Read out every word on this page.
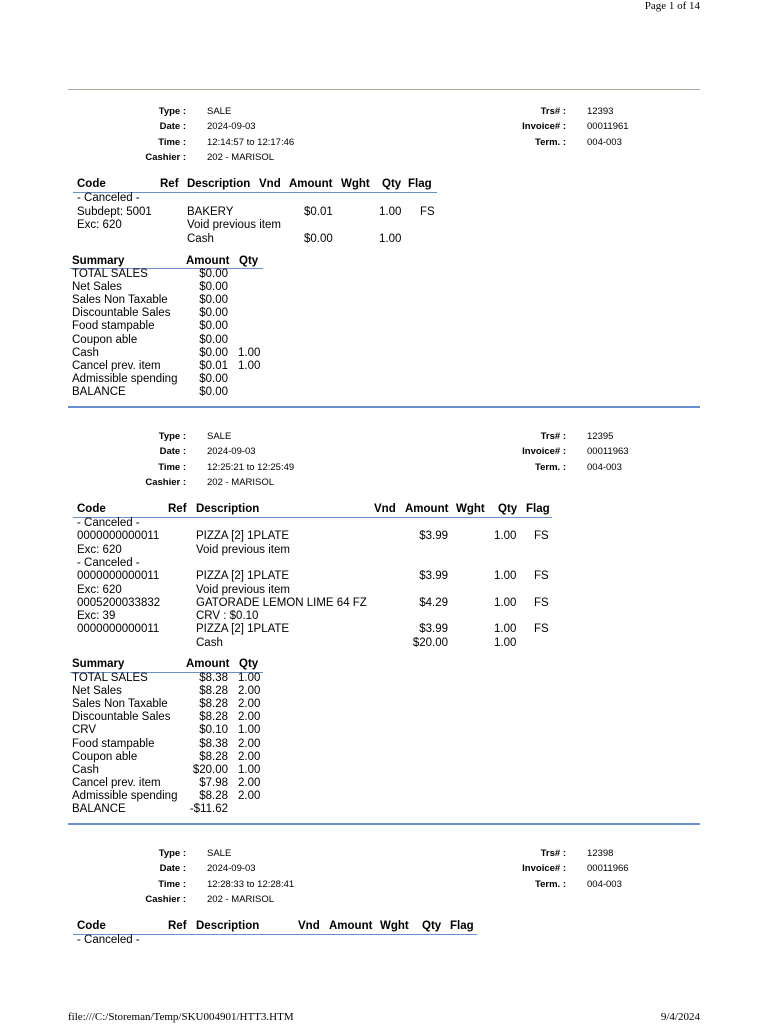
Page 1 of 14
Type : SALE
Date : 2024-09-03
Time : 12:14:57 to 12:17:46
Cashier : 202 - MARISOL
Trs# : 12393
Invoice# : 00011961
Term. : 004-003
Code	Ref Description Vnd Amount Wght Qty Flag
- Canceled -
Subdept: 5001	BAKERY	$0.01	1.00 FS
Exc: 620	Void previous item
Cash	$0.00	1.00
Summary	Amount Qty
TOTAL SALES	$0.00
Net Sales	$0.00
Sales Non Taxable	$0.00
Discountable Sales	$0.00
Food stampable	$0.00
Coupon able	$0.00
Cash	$0.00 1.00
Cancel prev. item	$0.01 1.00
Admissible spending	$0.00
BALANCE	$0.00
Type : SALE
Date : 2024-09-03
Time : 12:25:21 to 12:25:49
Cashier : 202 - MARISOL
Trs# : 12395
Invoice# : 00011963
Term. : 004-003
Code	Ref Description	Vnd Amount Wght Qty Flag
- Canceled -
0000000000011	PIZZA [2] 1PLATE	$3.99	1.00 FS
Exc: 620	Void previous item
- Canceled -
0000000000011	PIZZA [2] 1PLATE	$3.99	1.00 FS
Exc: 620	Void previous item
0005200033832	GATORADE LEMON LIME 64 FZ	$4.29	1.00 FS
Exc: 39	CRV : $0.10
0000000000011	PIZZA [2] 1PLATE	$3.99	1.00 FS
Cash	$20.00	1.00
Summary	Amount Qty
TOTAL SALES	$8.38 1.00
Net Sales	$8.28 2.00
Sales Non Taxable	$8.28 2.00
Discountable Sales	$8.28 2.00
CRV	$0.10 1.00
Food stampable	$8.38 2.00
Coupon able	$8.28 2.00
Cash	$20.00 1.00
Cancel prev. item	$7.98 2.00
Admissible spending	$8.28 2.00
BALANCE	-$11.62
Type : SALE
Date : 2024-09-03
Time : 12:28:33 to 12:28:41
Cashier : 202 - MARISOL
Trs# : 12398
Invoice# : 00011966
Term. : 004-003
Code	Ref Description	Vnd Amount Wght Qty Flag
- Canceled -
file:///C:/Storeman/Temp/SKU004901/HTT3.HTM	9/4/2024
